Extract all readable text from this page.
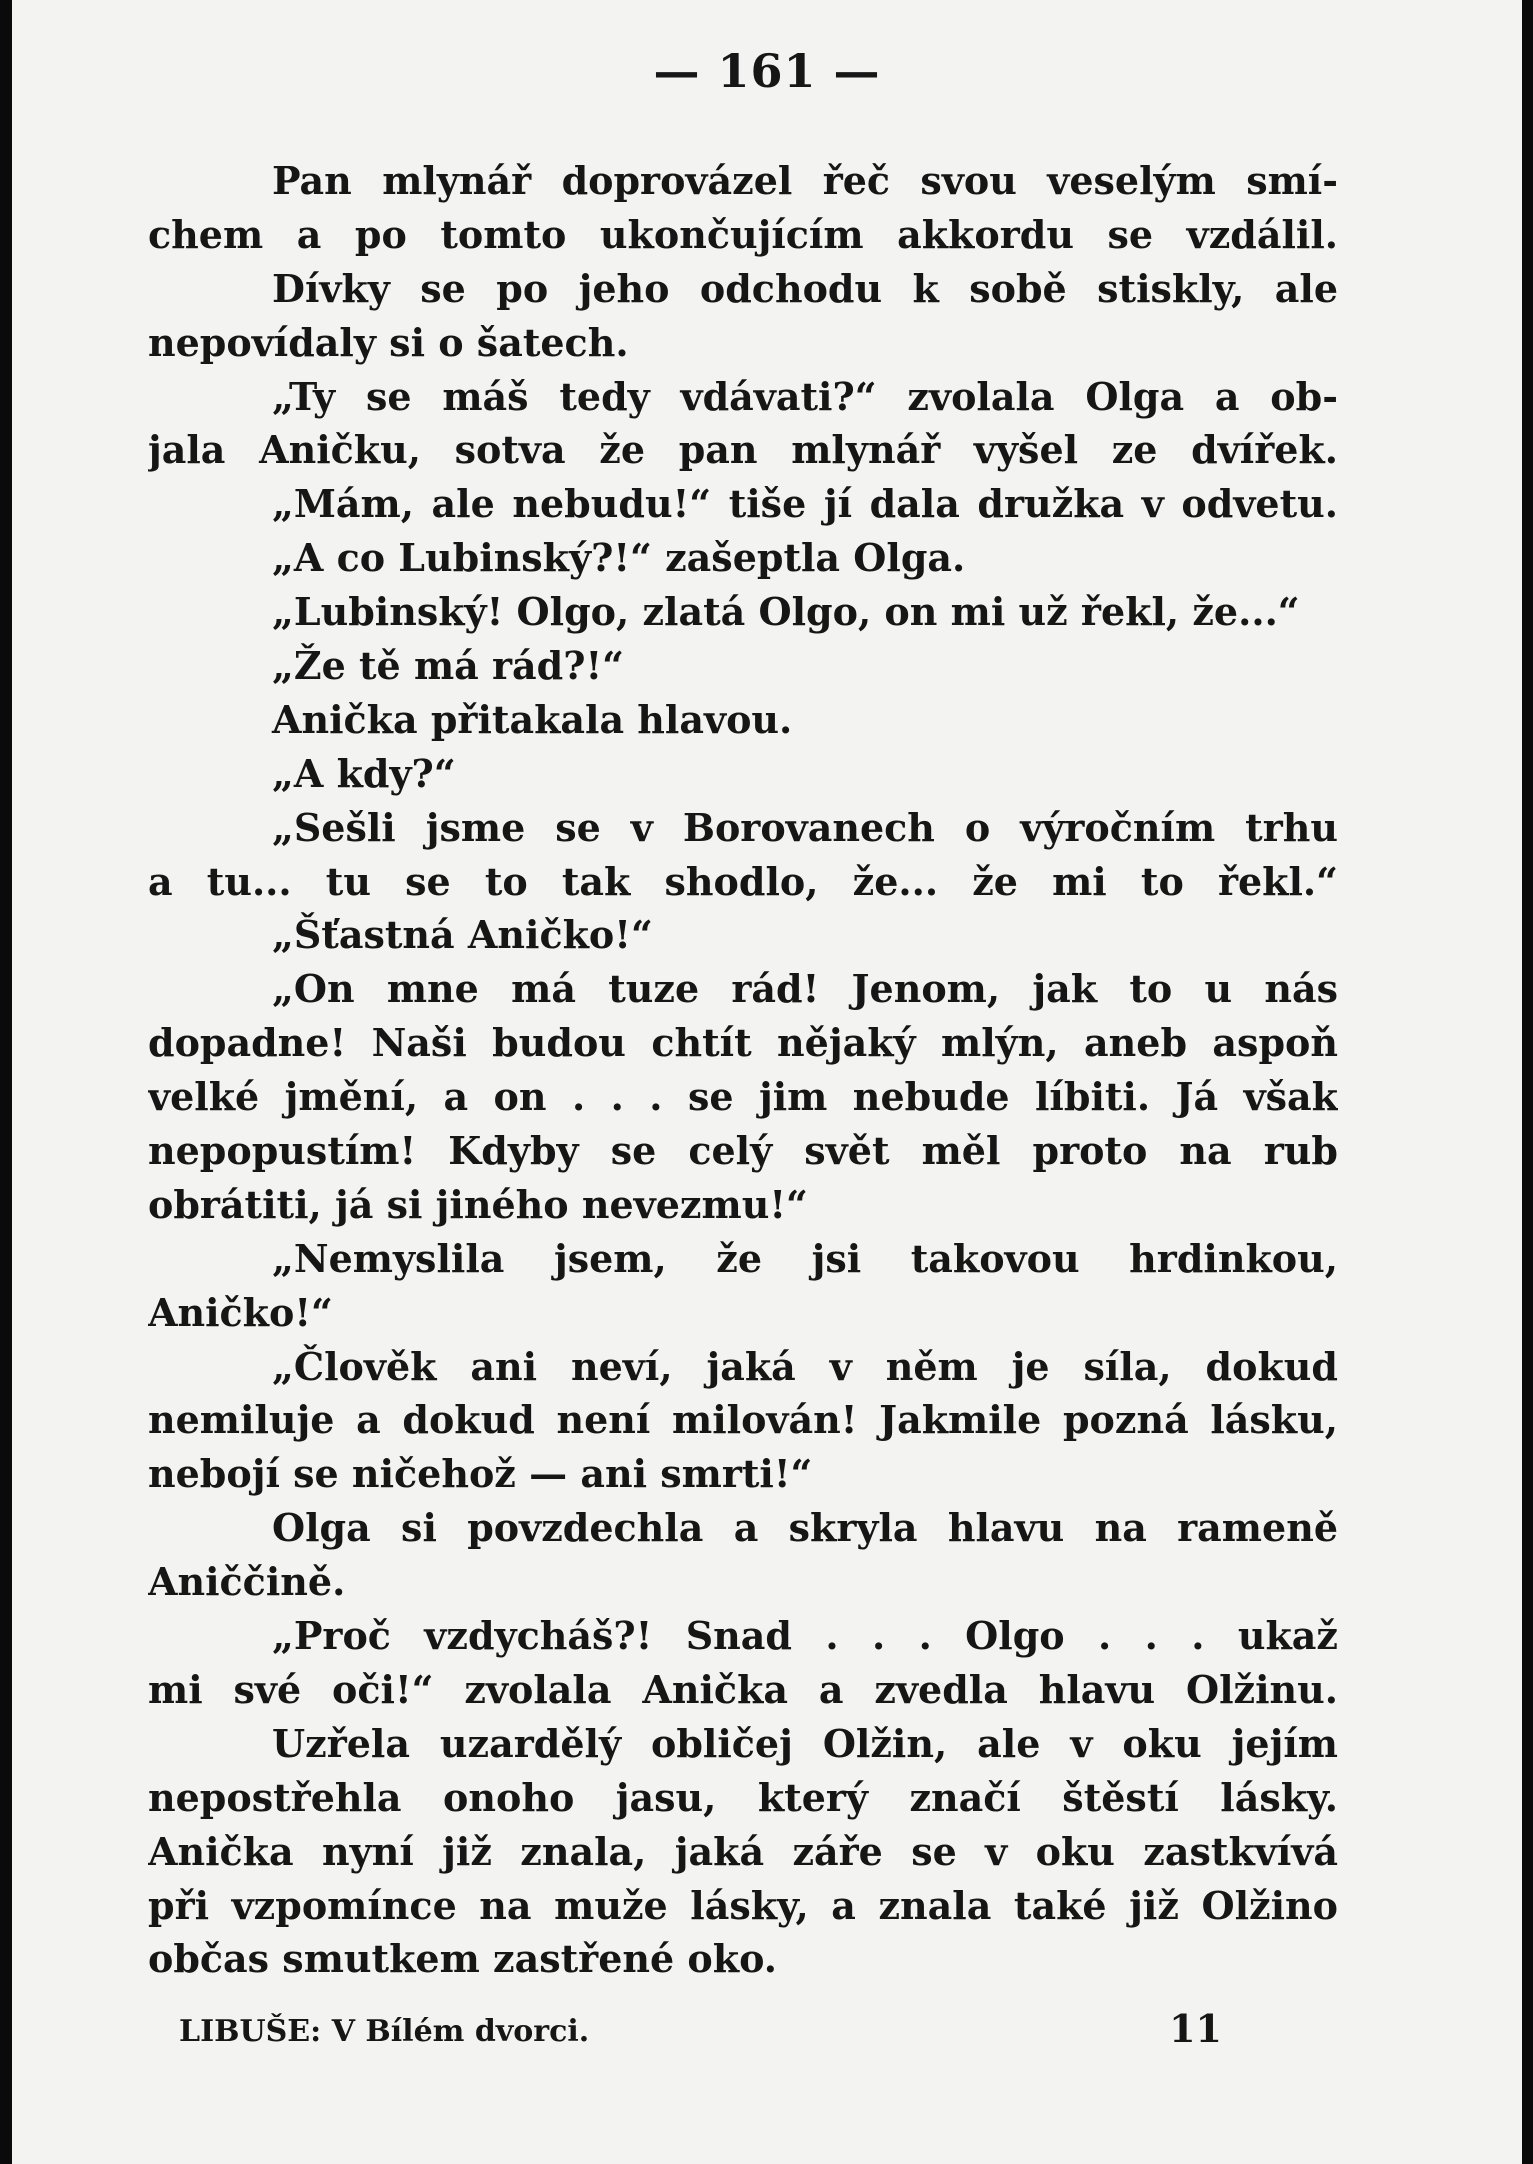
— 161 —
Pan mlynář doprovázel řeč svou veselým smí-
chem a po tomto ukončujícím akkordu se vzdálil.
Dívky se po jeho odchodu k sobě stiskly, ale
nepovídaly si o šatech.
„Ty se máš tedy vdávati?“ zvolala Olga a ob-
jala Aničku, sotva že pan mlynář vyšel ze dvířek.
„Mám, ale nebudu!“ tiše jí dala družka v odvetu.
„A co Lubinský?!“ zašeptla Olga.
„Lubinský! Olgo, zlatá Olgo, on mi už řekl, že...“
„Že tě má rád?!“
Anička přitakala hlavou.
„A kdy?“
„Sešli jsme se v Borovanech o výročním trhu
a tu... tu se to tak shodlo, že... že mi to řekl.“
„Šťastná Aničko!“
„On mne má tuze rád! Jenom, jak to u nás
dopadne! Naši budou chtít nějaký mlýn, aneb aspoň
velké jmění, a on . . . se jim nebude líbiti. Já však
nepopustím! Kdyby se celý svět měl proto na rub
obrátiti, já si jiného nevezmu!“
„Nemyslila jsem, že jsi takovou hrdinkou,
Aničko!“
„Člověk ani neví, jaká v něm je síla, dokud
nemiluje a dokud není milován! Jakmile pozná lásku,
nebojí se ničehož — ani smrti!“
Olga si povzdechla a skryla hlavu na rameně
Aniččině.
„Proč vzdycháš?! Snad . . . Olgo . . . ukaž
mi své oči!“ zvolala Anička a zvedla hlavu Olžinu.
Uzřela uzardělý obličej Olžin, ale v oku jejím
nepostřehla onoho jasu, který značí štěstí lásky.
Anička nyní již znala, jaká záře se v oku zastkvívá
při vzpomínce na muže lásky, a znala také již Olžino
občas smutkem zastřené oko.
LIBUŠE: V Bílém dvorci.	11
